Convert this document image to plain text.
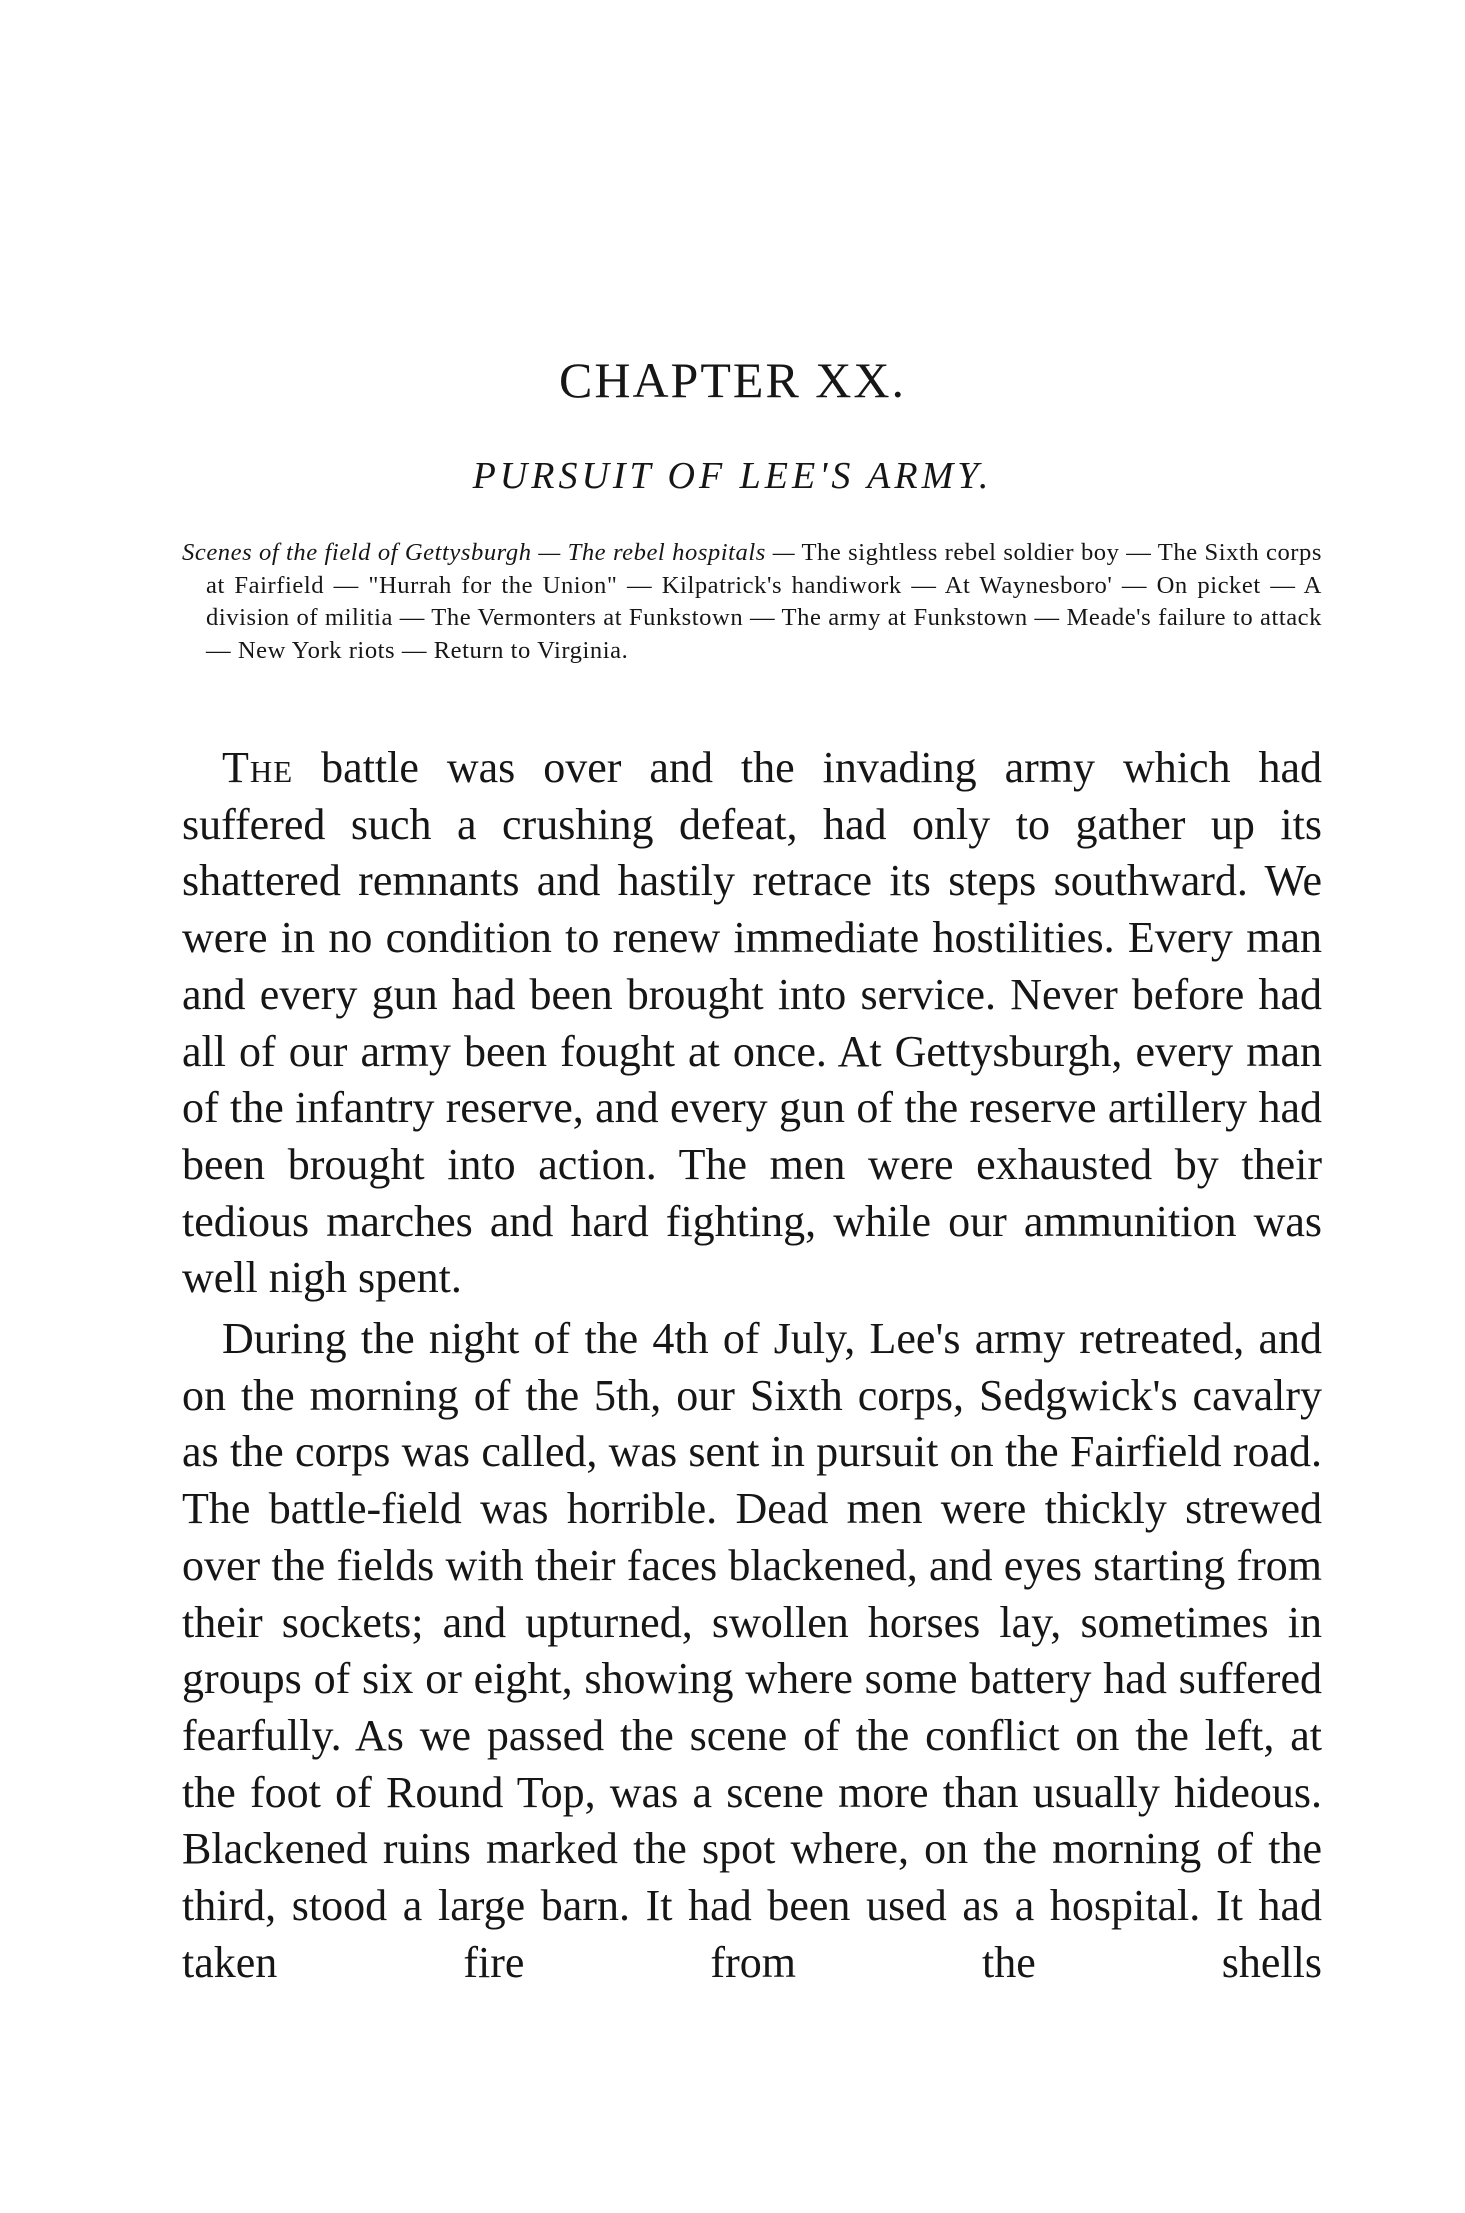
CHAPTER XX.
PURSUIT OF LEE'S ARMY.
Scenes of the field of Gettysburgh — The rebel hospitals — The sightless rebel soldier boy — The Sixth corps at Fairfield — "Hurrah for the Union" — Kilpatrick's handiwork — At Waynesboro' — On picket — A division of militia — The Vermonters at Funkstown — The army at Funkstown — Meade's failure to attack — New York riots — Return to Virginia.

The battle was over and the invading army which had suffered such a crushing defeat, had only to gather up its shattered remnants and hastily retrace its steps southward. We were in no condition to renew immediate hostilities. Every man and every gun had been brought into service. Never before had all of our army been fought at once. At Gettysburgh, every man of the infantry reserve, and every gun of the reserve artillery had been brought into action. The men were exhausted by their tedious marches and hard fighting, while our ammunition was well nigh spent.

During the night of the 4th of July, Lee's army retreated, and on the morning of the 5th, our Sixth corps, Sedgwick's cavalry as the corps was called, was sent in pursuit on the Fairfield road. The battle-field was horrible. Dead men were thickly strewed over the fields with their faces blackened, and eyes starting from their sockets; and upturned, swollen horses lay, sometimes in groups of six or eight, showing where some battery had suffered fearfully. As we passed the scene of the conflict on the left, at the foot of Round Top, was a scene more than usually hideous. Blackened ruins marked the spot where, on the morning of the third, stood a large barn. It had been used as a hospital. It had taken fire from the shells
